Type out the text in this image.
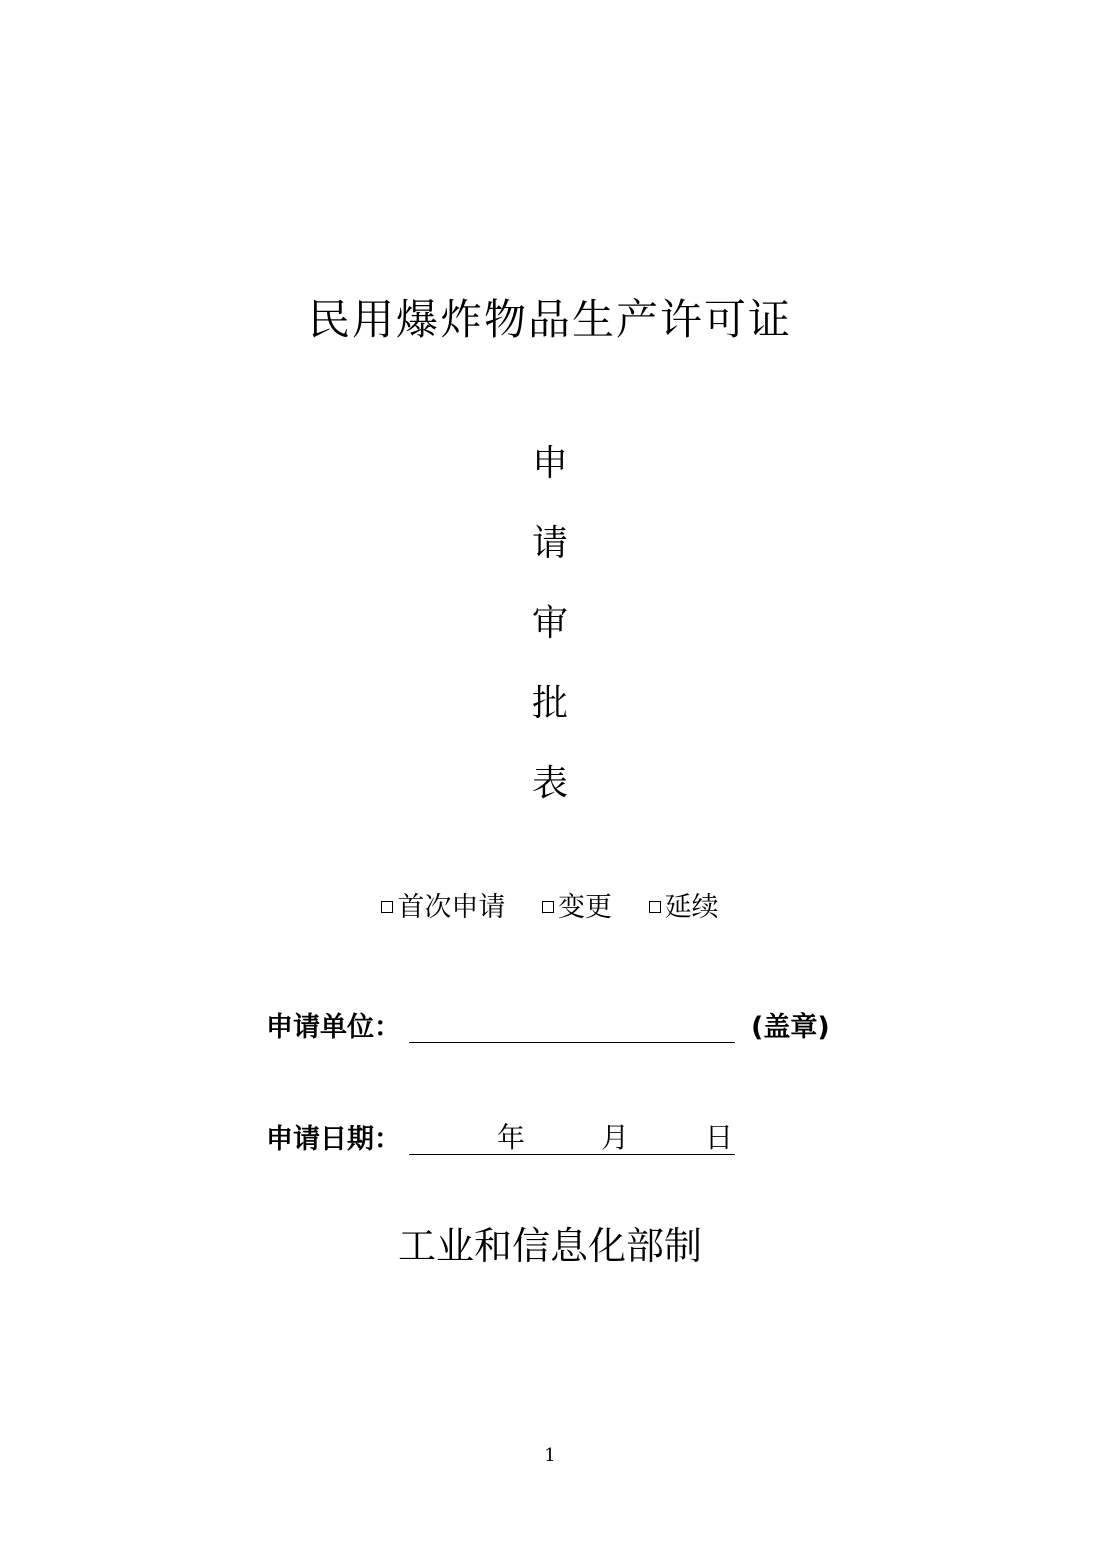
民用爆炸物品生产许可证
申
请
审
批
表
首次申请 变更 延续
申请单位：	(盖章)
申请日期：	年	月	日
工业和信息化部制
1
